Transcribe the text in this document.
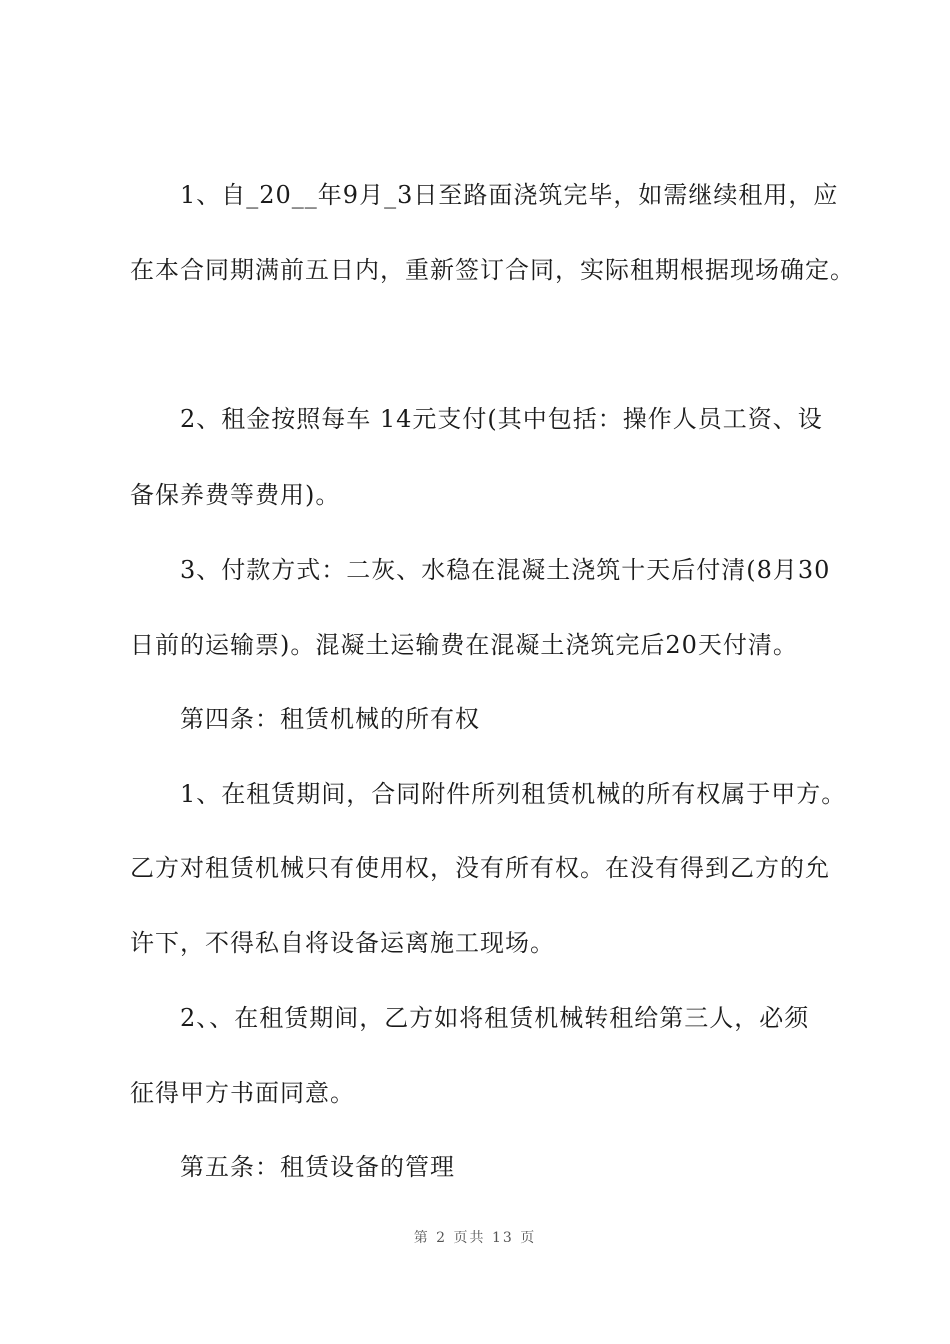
1、自_20__年9月_3日至路面浇筑完毕，如需继续租用，应
在本合同期满前五日内，重新签订合同，实际租期根据现场确定。
2、租金按照每车 14元支付(其中包括：操作人员工资、设
备保养费等费用)。
3、付款方式：二灰、水稳在混凝土浇筑十天后付清(8月30
日前的运输票)。混凝土运输费在混凝土浇筑完后20天付清。
第四条：租赁机械的所有权
1、在租赁期间，合同附件所列租赁机械的所有权属于甲方。
乙方对租赁机械只有使用权，没有所有权。在没有得到乙方的允
许下，不得私自将设备运离施工现场。
2、、在租赁期间，乙方如将租赁机械转租给第三人，必须
征得甲方书面同意。
第五条：租赁设备的管理
第 2 页共 13 页
